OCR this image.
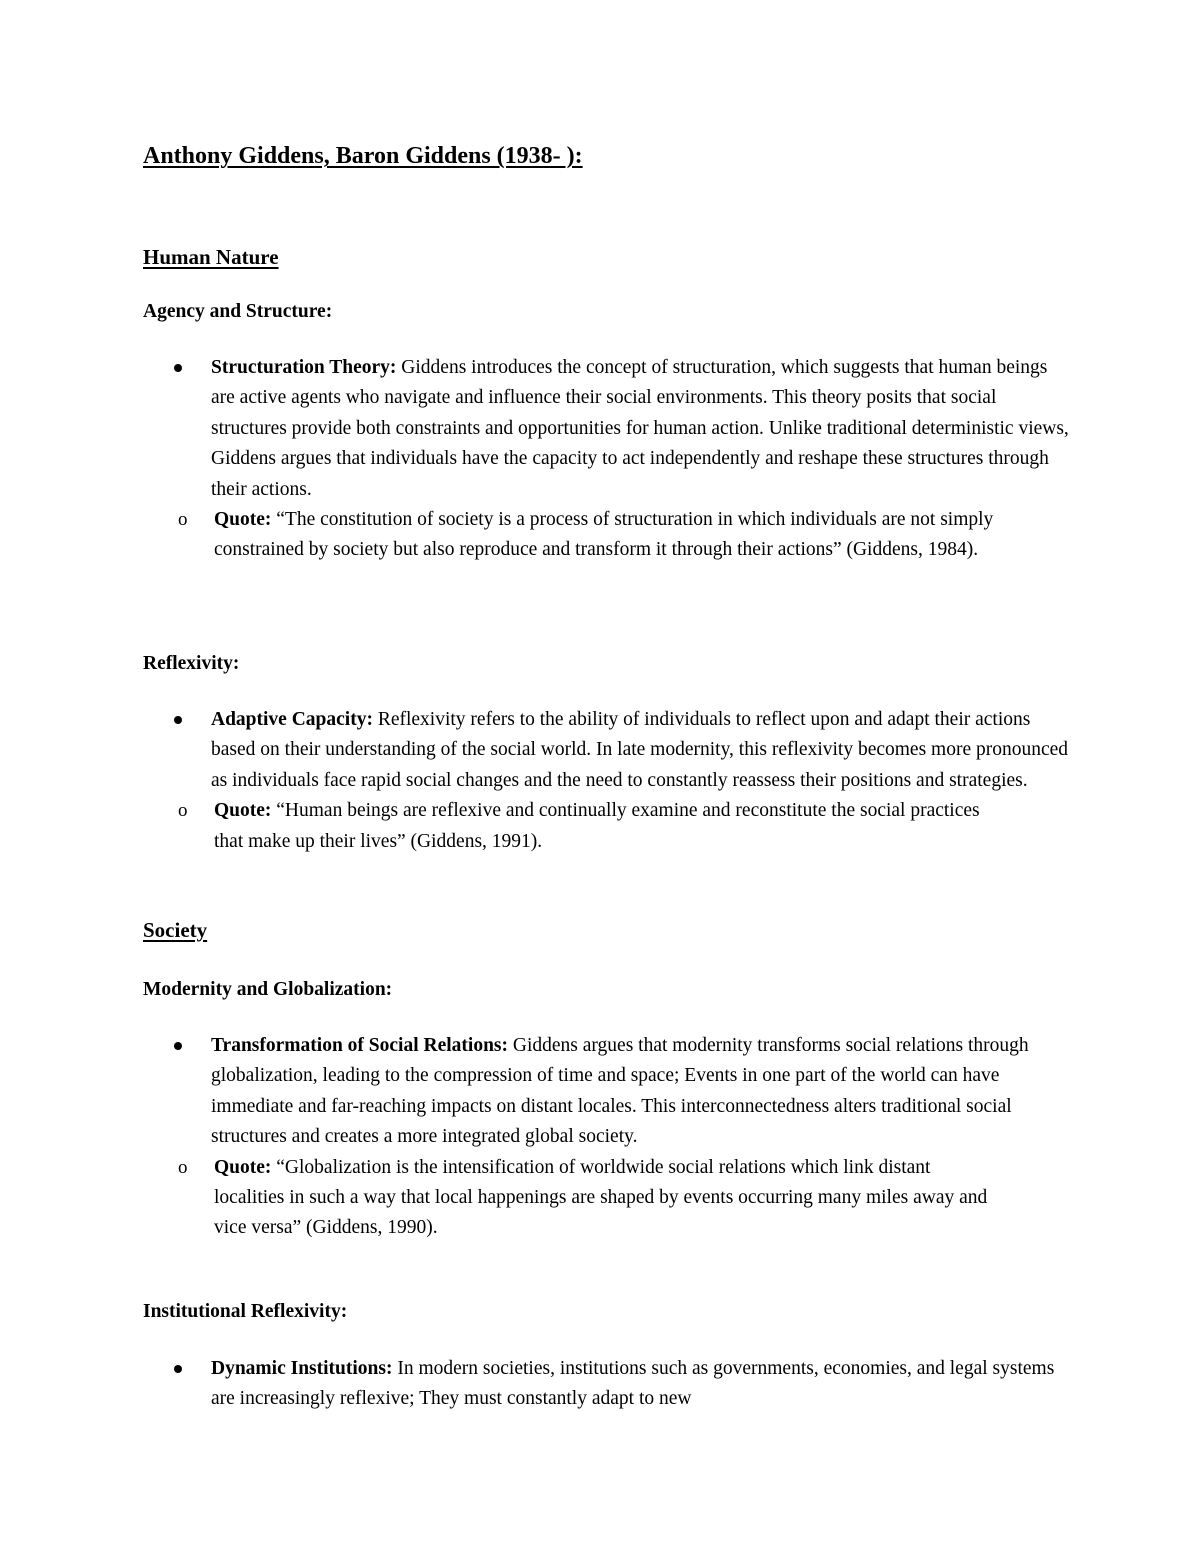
Anthony Giddens, Baron Giddens (1938- ):
Human Nature
Agency and Structure:
Structuration Theory: Giddens introduces the concept of structuration, which suggests that human beings are active agents who navigate and influence their social environments. This theory posits that social structures provide both constraints and opportunities for human action. Unlike traditional deterministic views, Giddens argues that individuals have the capacity to act independently and reshape these structures through their actions.
o Quote: “The constitution of society is a process of structuration in which individuals are not simply constrained by society but also reproduce and transform it through their actions” (Giddens, 1984).
Reflexivity:
Adaptive Capacity: Reflexivity refers to the ability of individuals to reflect upon and adapt their actions based on their understanding of the social world. In late modernity, this reflexivity becomes more pronounced as individuals face rapid social changes and the need to constantly reassess their positions and strategies.
o Quote: “Human beings are reflexive and continually examine and reconstitute the social practices that make up their lives” (Giddens, 1991).
Society
Modernity and Globalization:
Transformation of Social Relations: Giddens argues that modernity transforms social relations through globalization, leading to the compression of time and space; Events in one part of the world can have immediate and far-reaching impacts on distant locales. This interconnectedness alters traditional social structures and creates a more integrated global society.
o Quote: “Globalization is the intensification of worldwide social relations which link distant localities in such a way that local happenings are shaped by events occurring many miles away and vice versa” (Giddens, 1990).
Institutional Reflexivity:
Dynamic Institutions: In modern societies, institutions such as governments, economies, and legal systems are increasingly reflexive; They must constantly adapt to new
